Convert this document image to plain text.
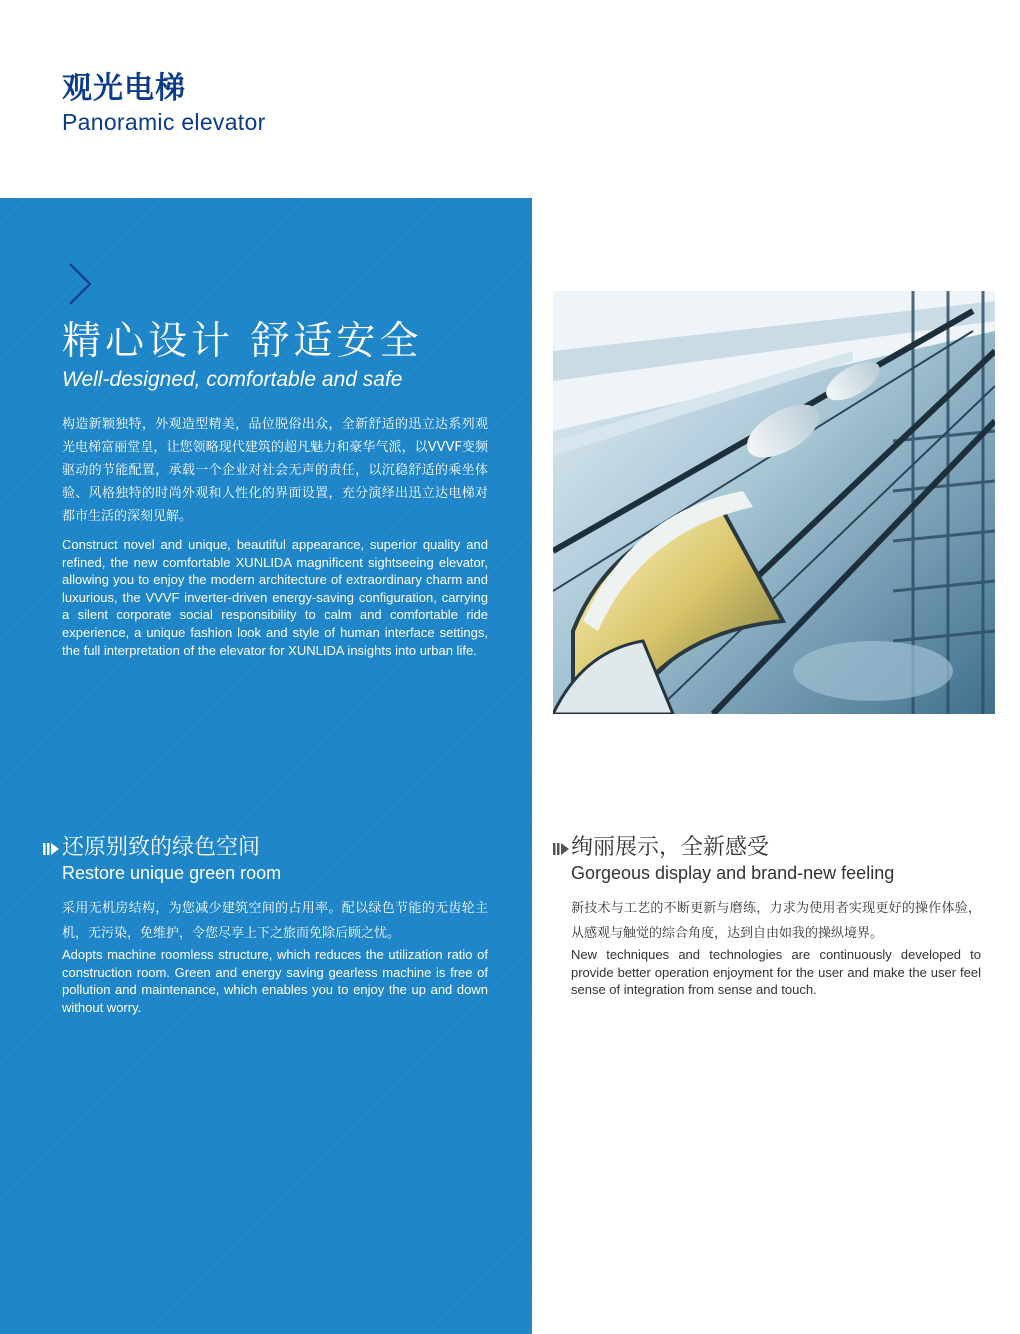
观光电梯
Panoramic elevator
精心设计 舒适安全
Well-designed, comfortable and safe

构造新颖独特，外观造型精美，品位脱俗出众，全新舒适的迅立达系列观光电梯富丽堂皇，让您领略现代建筑的超凡魅力和豪华气派，以VVVF变频驱动的节能配置，承载一个企业对社会无声的责任，以沉稳舒适的乘坐体验、风格独特的时尚外观和人性化的界面设置，充分演绎出迅立达电梯对都市生活的深刻见解。

Construct novel and unique, beautiful appearance, superior quality and refined, the new comfortable XUNLIDA magnificent sightseeing elevator, allowing you to enjoy the modern architecture of extraordinary charm and luxurious, the VVVF inverter-driven energy-saving configuration, carrying a silent corporate social responsibility to calm and comfortable ride experience, a unique fashion look and style of human interface settings, the full interpretation of the elevator for XUNLIDA insights into urban life.

还原别致的绿色空间
Restore unique green room

采用无机房结构，为您减少建筑空间的占用率。配以绿色节能的无齿轮主机，无污染，免维护，令您尽享上下之旅而免除后顾之忧。

Adopts machine roomless structure, which reduces the utilization ratio of construction room. Green and energy saving gearless machine is free of pollution and maintenance, which enables you to enjoy the up and down without worry.

绚丽展示，全新感受
Gorgeous display and brand-new feeling

新技术与工艺的不断更新与磨练，力求为使用者实现更好的操作体验，从感观与触觉的综合角度，达到自由如我的操纵境界。

New techniques and technologies are continuously developed to provide better operation enjoyment for the user and make the user feel sense of integration from sense and touch.
